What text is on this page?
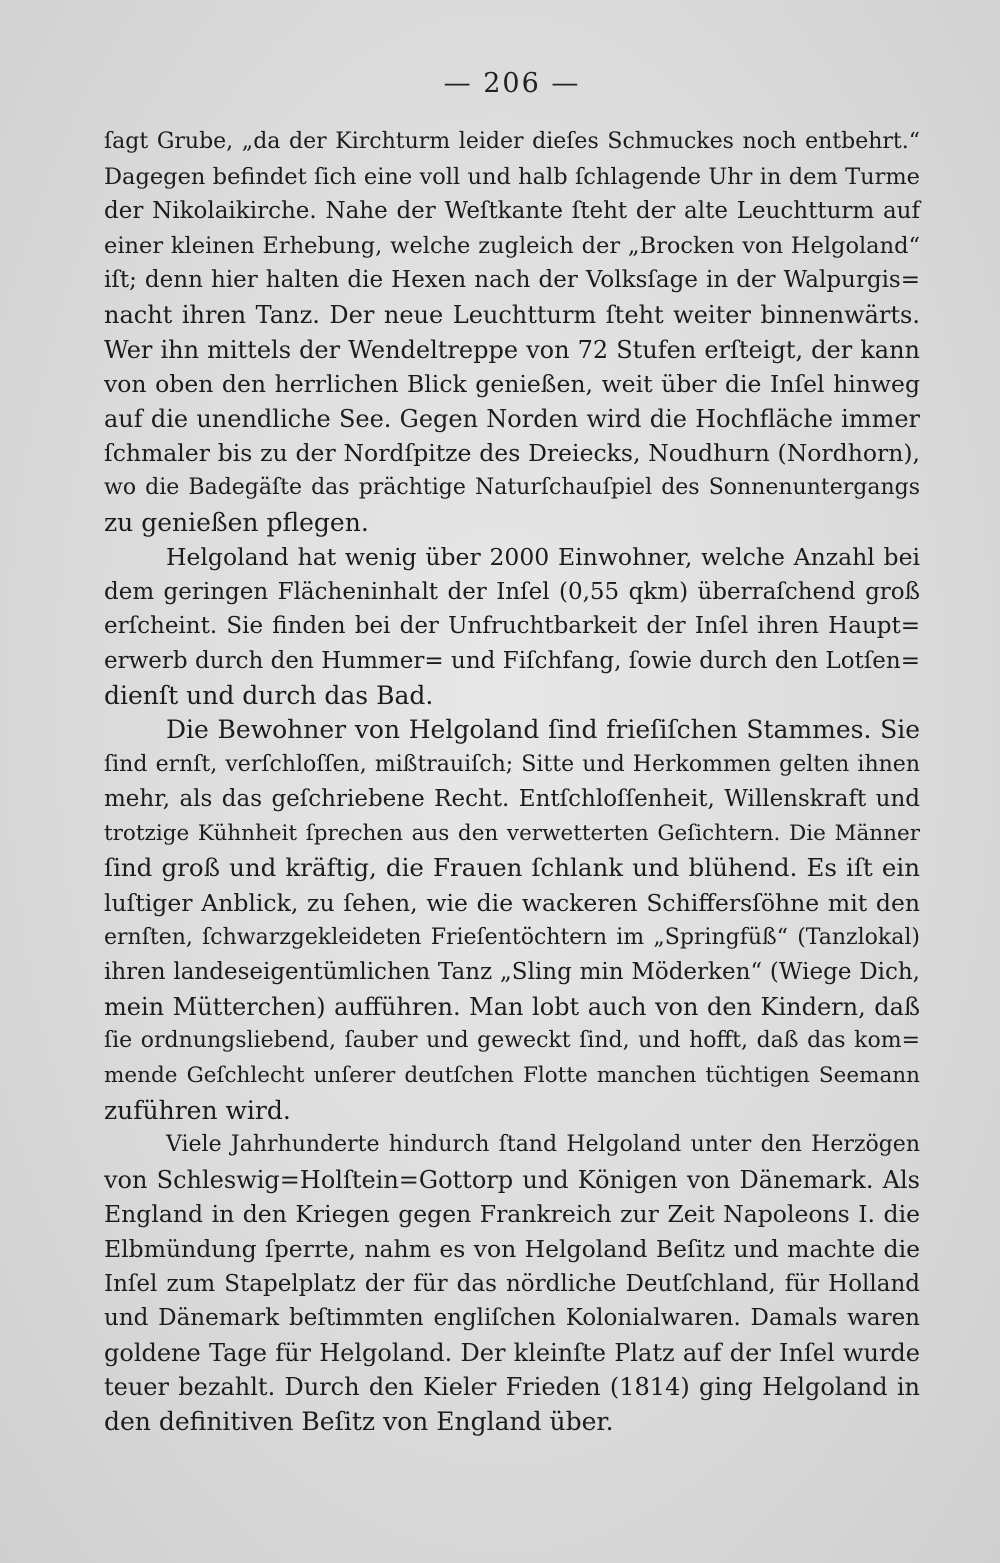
— 206 —

ſagt Grube, „da der Kirchturm leider dieſes Schmuckes noch entbehrt.“
Dagegen befindet ſich eine voll und halb ſchlagende Uhr in dem Turme
der Nikolaikirche. Nahe der Weſtkante ſteht der alte Leuchtturm auf
einer kleinen Erhebung, welche zugleich der „Brocken von Helgoland“
iſt; denn hier halten die Hexen nach der Volksſage in der Walpurgis=
nacht ihren Tanz. Der neue Leuchtturm ſteht weiter binnenwärts.
Wer ihn mittels der Wendeltreppe von 72 Stufen erſteigt, der kann
von oben den herrlichen Blick genießen, weit über die Inſel hinweg
auf die unendliche See. Gegen Norden wird die Hochfläche immer
ſchmaler bis zu der Nordſpitze des Dreiecks, Noudhurn (Nordhorn),
wo die Badegäſte das prächtige Naturſchauſpiel des Sonnenuntergangs
zu genießen pflegen.

Helgoland hat wenig über 2000 Einwohner, welche Anzahl bei
dem geringen Flächeninhalt der Inſel (0,55 qkm) überraſchend groß
erſcheint. Sie finden bei der Unfruchtbarkeit der Inſel ihren Haupt=
erwerb durch den Hummer= und Fiſchfang, ſowie durch den Lotſen=
dienſt und durch das Bad.

Die Bewohner von Helgoland ſind frieſiſchen Stammes. Sie
ſind ernſt, verſchloſſen, mißtrauiſch; Sitte und Herkommen gelten ihnen
mehr, als das geſchriebene Recht. Entſchloſſenheit, Willenskraft und
trotzige Kühnheit ſprechen aus den verwetterten Geſichtern. Die Männer
ſind groß und kräftig, die Frauen ſchlank und blühend. Es iſt ein
luſtiger Anblick, zu ſehen, wie die wackeren Schiffersſöhne mit den
ernſten, ſchwarzgekleideten Frieſentöchtern im „Springfüß“ (Tanzlokal)
ihren landeseigentümlichen Tanz „Sling min Möderken“ (Wiege Dich,
mein Mütterchen) aufführen. Man lobt auch von den Kindern, daß
ſie ordnungsliebend, ſauber und geweckt ſind, und hofft, daß das kom=
mende Geſchlecht unſerer deutſchen Flotte manchen tüchtigen Seemann
zuführen wird.

Viele Jahrhunderte hindurch ſtand Helgoland unter den Herzögen
von Schleswig=Holſtein=Gottorp und Königen von Dänemark. Als
England in den Kriegen gegen Frankreich zur Zeit Napoleons I. die
Elbmündung ſperrte, nahm es von Helgoland Beſitz und machte die
Inſel zum Stapelplatz der für das nördliche Deutſchland, für Holland
und Dänemark beſtimmten engliſchen Kolonialwaren. Damals waren
goldene Tage für Helgoland. Der kleinſte Platz auf der Inſel wurde
teuer bezahlt. Durch den Kieler Frieden (1814) ging Helgoland in
den definitiven Beſitz von England über.
